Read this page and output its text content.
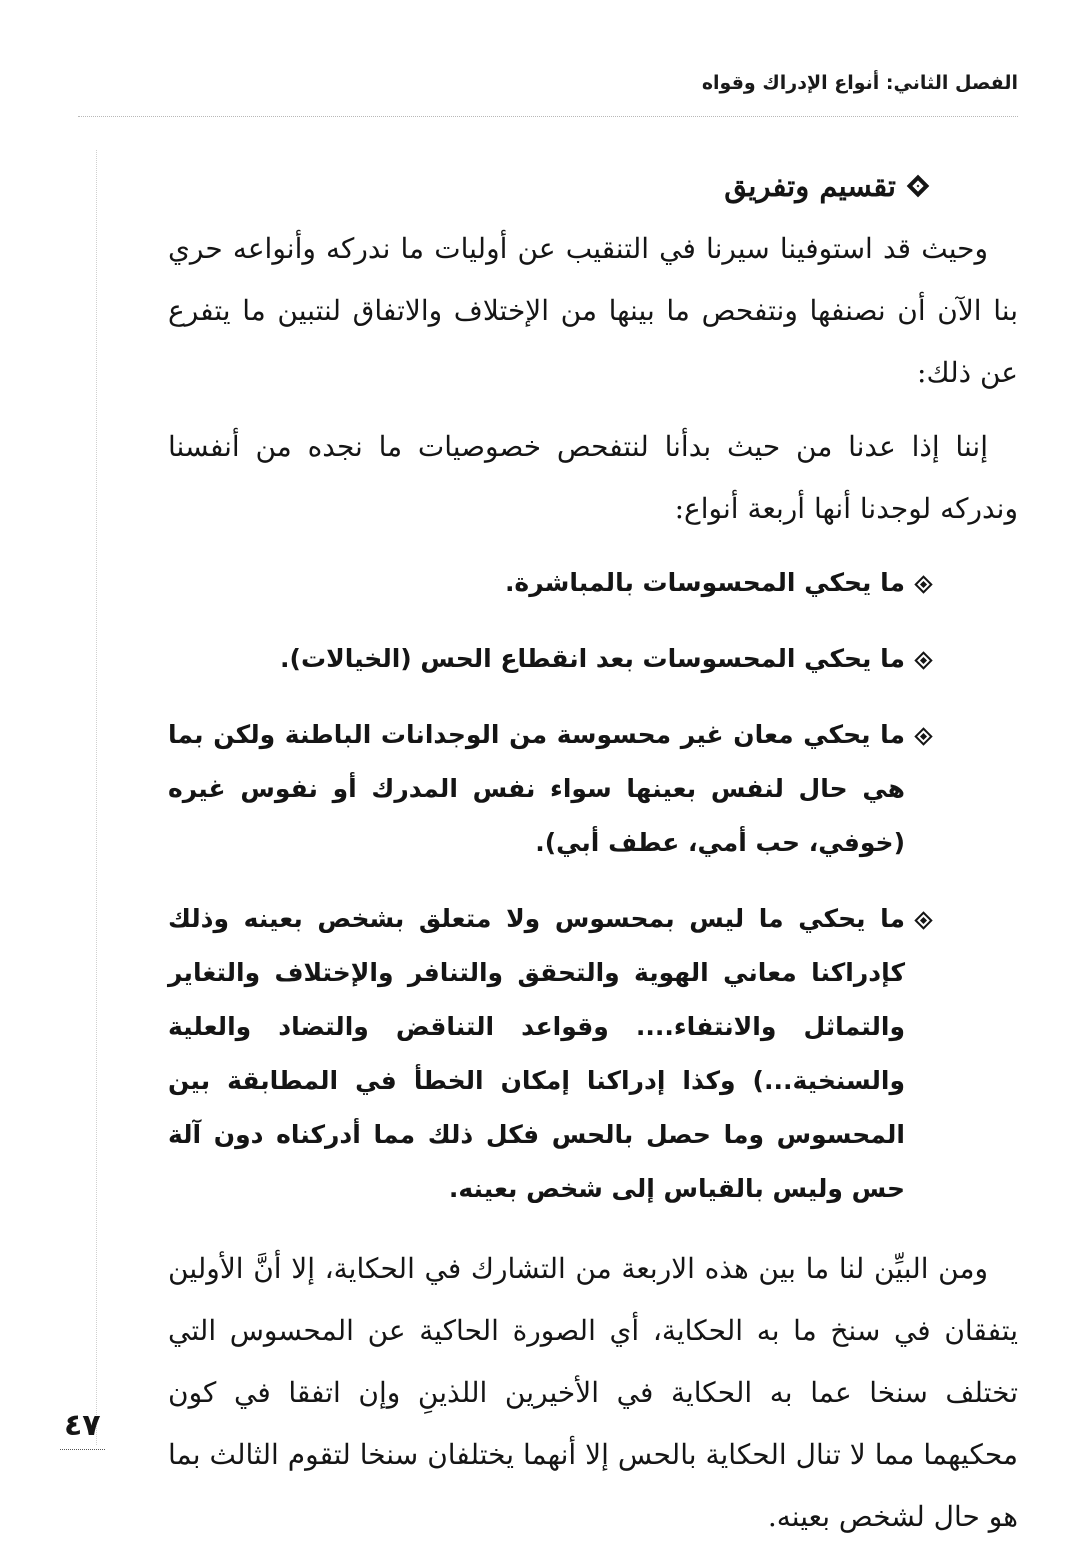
الفصل الثاني: أنواع الإدراك وقواه
تقسيم وتفريق

وحيث قد استوفينا سيرنا في التنقيب عن أوليات ما ندركه وأنواعه حري بنا الآن أن نصنفها ونتفحص ما بينها من الإختلاف والاتفاق لنتبين ما يتفرع عن ذلك:

إننا إذا عدنا من حيث بدأنا لنتفحص خصوصيات ما نجده من أنفسنا وندركه لوجدنا أنها أربعة أنواع:

ما يحكي المحسوسات بالمباشرة.
ما يحكي المحسوسات بعد انقطاع الحس (الخيالات).
ما يحكي معان غير محسوسة من الوجدانات الباطنة ولكن بما هي حال لنفس بعينها سواء نفس المدرك أو نفوس غيره (خوفي، حب أمي، عطف أبي).
ما يحكي ما ليس بمحسوس ولا متعلق بشخص بعينه وذلك كإدراكنا معاني الهوية والتحقق والتنافر والإختلاف والتغاير والتماثل والانتفاء.... وقواعد التناقض والتضاد والعلية والسنخية...) وكذا إدراكنا إمكان الخطأ في المطابقة بين المحسوس وما حصل بالحس فكل ذلك مما أدركناه دون آلة حس وليس بالقياس إلى شخص بعينه.

ومن البيِّن لنا ما بين هذه الاربعة من التشارك في الحكاية، إلا أنَّ الأولين يتفقان في سنخ ما به الحكاية، أي الصورة الحاكية عن المحسوس التي تختلف سنخا عما به الحكاية في الأخيرين اللذينِ وإن اتفقا في كون محكيهما مما لا تنال الحكاية بالحس إلا أنهما يختلفان سنخا لتقوم الثالث بما هو حال لشخص بعينه.

٤٧
